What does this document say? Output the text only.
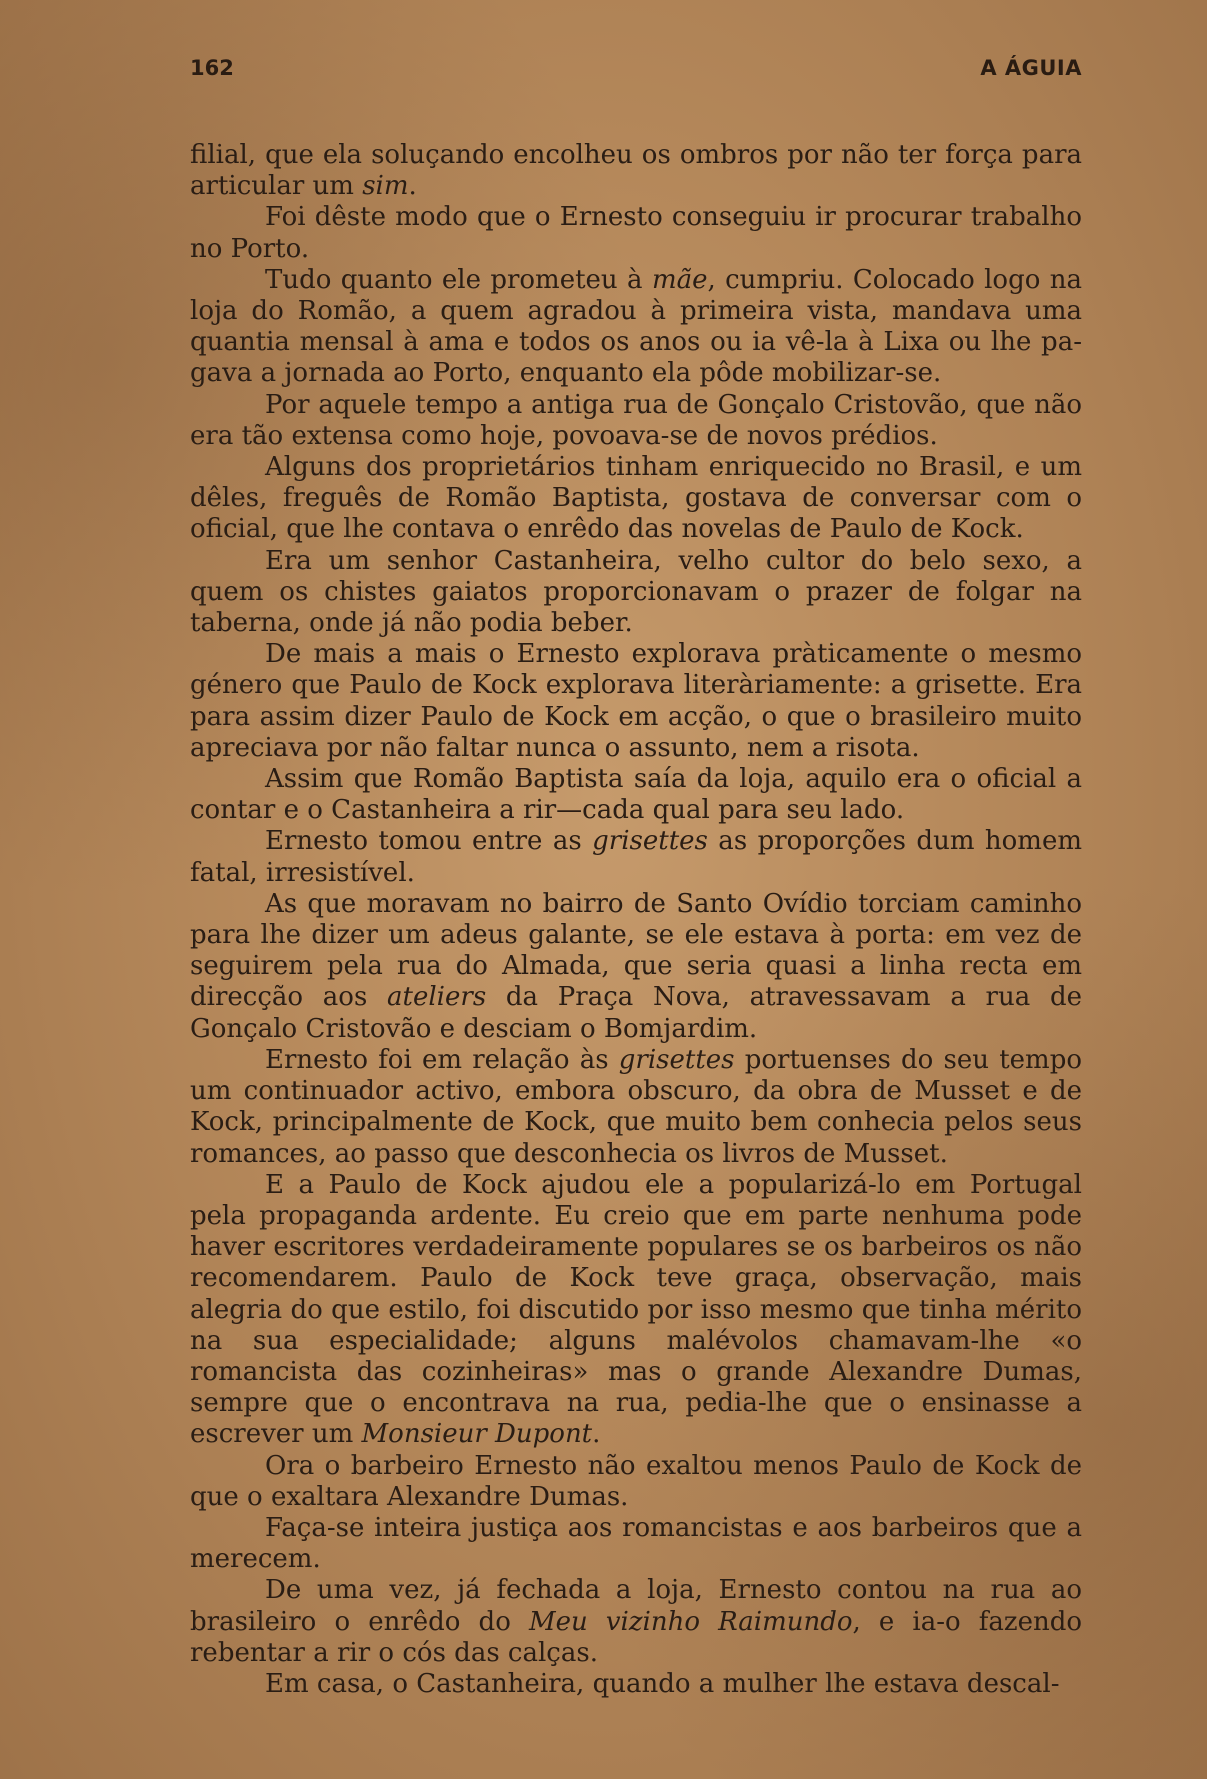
162	A ÁGUIA

filial, que ela soluçando encolheu os ombros por não ter força para articular um sim.

Foi dêste modo que o Ernesto conseguiu ir procurar trabalho no Porto.

Tudo quanto ele prometeu à mãe, cumpriu. Colocado logo na loja do Romão, a quem agradou à primeira vista, mandava uma quantia mensal à ama e todos os anos ou ia vê-la à Lixa ou lhe pagava a jornada ao Porto, enquanto ela pôde mobilizar-se.

Por aquele tempo a antiga rua de Gonçalo Cristovão, que não era tão extensa como hoje, povoava-se de novos prédios.

Alguns dos proprietários tinham enriquecido no Brasil, e um dêles, freguês de Romão Baptista, gostava de conversar com o oficial, que lhe contava o enrêdo das novelas de Paulo de Kock.

Era um senhor Castanheira, velho cultor do belo sexo, a quem os chistes gaiatos proporcionavam o prazer de folgar na taberna, onde já não podia beber.

De mais a mais o Ernesto explorava pràticamente o mesmo género que Paulo de Kock explorava literàriamente: a grisette. Era para assim dizer Paulo de Kock em acção, o que o brasileiro muito apreciava por não faltar nunca o assunto, nem a risota.

Assim que Romão Baptista saía da loja, aquilo era o oficial a contar e o Castanheira a rir—cada qual para seu lado.

Ernesto tomou entre as grisettes as proporções dum homem fatal, irresistível.

As que moravam no bairro de Santo Ovídio torciam caminho para lhe dizer um adeus galante, se ele estava à porta: em vez de seguirem pela rua do Almada, que seria quasi a linha recta em direcção aos ateliers da Praça Nova, atravessavam a rua de Gonçalo Cristovão e desciam o Bomjardim.

Ernesto foi em relação às grisettes portuenses do seu tempo um continuador activo, embora obscuro, da obra de Musset e de Kock, principalmente de Kock, que muito bem conhecia pelos seus romances, ao passo que desconhecia os livros de Musset.

E a Paulo de Kock ajudou ele a popularizá-lo em Portugal pela propaganda ardente. Eu creio que em parte nenhuma pode haver escritores verdadeiramente populares se os barbeiros os não recomendarem. Paulo de Kock teve graça, observação, mais alegria do que estilo, foi discutido por isso mesmo que tinha mérito na sua especialidade; alguns malévolos chamavam-lhe «o romancista das cozinheiras» mas o grande Alexandre Dumas, sempre que o encontrava na rua, pedia-lhe que o ensinasse a escrever um Monsieur Dupont.

Ora o barbeiro Ernesto não exaltou menos Paulo de Kock de que o exaltara Alexandre Dumas.

Faça-se inteira justiça aos romancistas e aos barbeiros que a merecem.

De uma vez, já fechada a loja, Ernesto contou na rua ao brasileiro o enrêdo do Meu vizinho Raimundo, e ia-o fazendo rebentar a rir o cós das calças.

Em casa, o Castanheira, quando a mulher lhe estava descal-
